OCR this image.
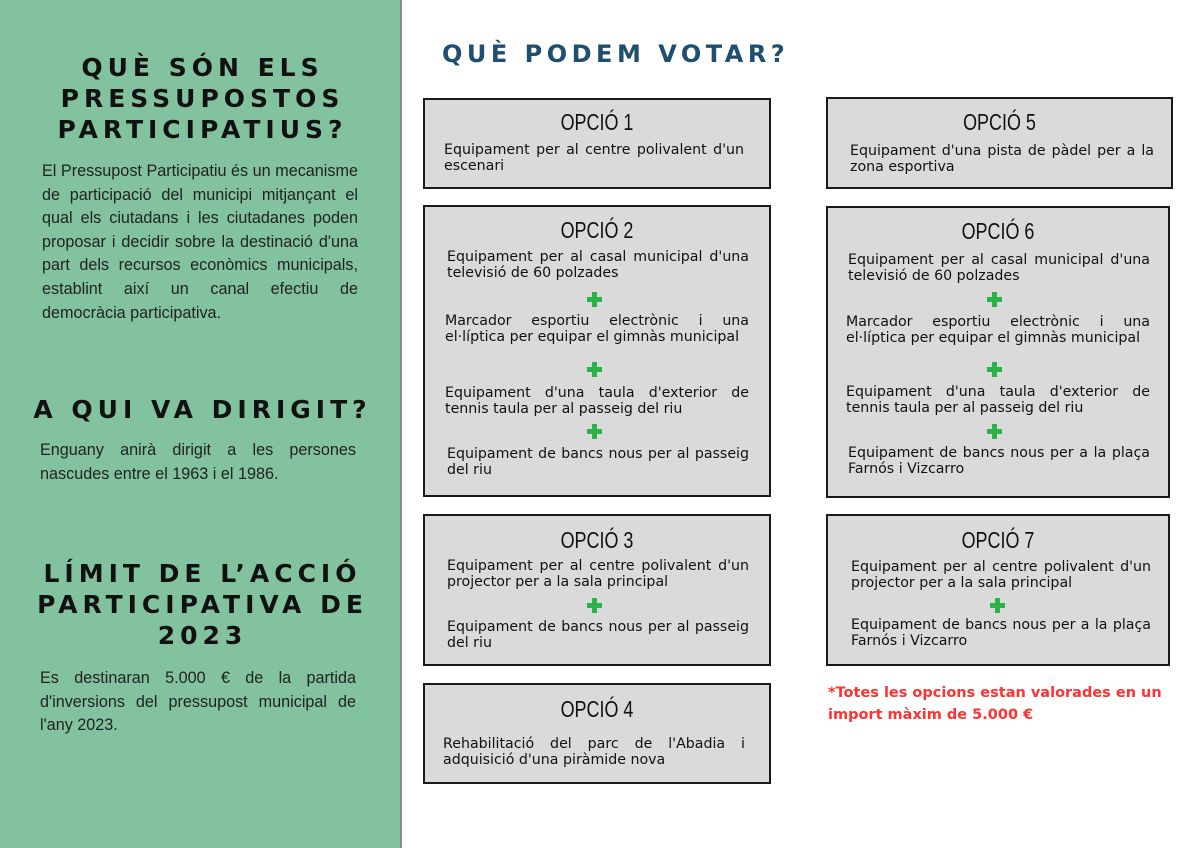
QUÈ SÓN ELS PRESSUPOSTOS PARTICIPATIUS?
El Pressupost Participatiu és un mecanisme de participació del municipi mitjançant el qual els ciutadans i les ciutadanes poden proposar i decidir sobre la destinació d'una part dels recursos econòmics municipals, establint així un canal efectiu de democràcia participativa.
A QUI VA DIRIGIT?
Enguany anirà dirigit a les persones nascudes entre el 1963 i el 1986.
LÍMIT DE L’ACCIÓ PARTICIPATIVA DE 2023
Es destinaran 5.000 € de la partida d'inversions del pressupost municipal de l'any 2023.
QUÈ PODEM VOTAR?
OPCIÓ 1
Equipament per al centre polivalent d'un escenari
OPCIÓ 2
Equipament per al casal municipal d'una televisió de 60 polzades
Marcador esportiu electrònic i una el·líptica per equipar el gimnàs municipal
Equipament d'una taula d'exterior de tennis taula per al passeig del riu
Equipament de bancs nous per al passeig del riu
OPCIÓ 3
Equipament per al centre polivalent d'un projector per a la sala principal
Equipament de bancs nous per al passeig del riu
OPCIÓ 4
Rehabilitació del parc de l'Abadia i adquisició d'una piràmide nova
OPCIÓ 5
Equipament d'una pista de pàdel per a la zona esportiva
OPCIÓ 6
Equipament per al casal municipal d'una televisió de 60 polzades
Marcador esportiu electrònic i una el·líptica per equipar el gimnàs municipal
Equipament d'una taula d'exterior de tennis taula per al passeig del riu
Equipament de bancs nous per a la plaça Farnós i Vizcarro
OPCIÓ 7
Equipament per al centre polivalent d'un projector per a la sala principal
Equipament de bancs nous per a la plaça Farnós i Vizcarro
*Totes les opcions estan valorades en un import màxim de 5.000 €
